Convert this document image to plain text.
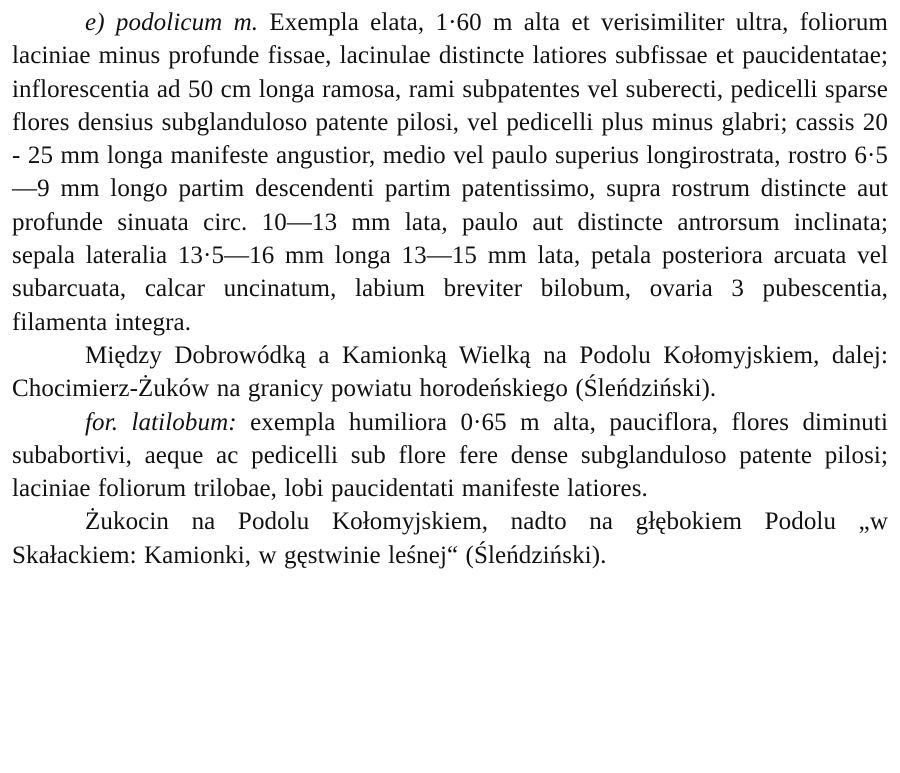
e) podolicum m. Exempla elata, 1·60 m alta et verisimiliter ultra, foliorum laciniae minus profunde fissae, lacinulae distincte latiores subfissae et paucidentatae; inflorescentia ad 50 cm longa ramosa, rami subpatentes vel suberecti, pedicelli sparse flores densius subglanduloso patente pilosi, vel pedicelli plus minus glabri; cassis 20 - 25 mm longa manifeste angustior, medio vel paulo superius longirostrata, rostro 6·5—9 mm longo partim descendenti partim patentissimo, supra rostrum distincte aut profunde sinuata circ. 10—13 mm lata, paulo aut distincte antrorsum inclinata; sepala lateralia 13·5—16 mm longa 13—15 mm lata, petala posteriora arcuata vel subarcuata, calcar uncinatum, labium breviter bilobum, ovaria 3 pubescentia, filamenta integra.

Między Dobrowódką a Kamionką Wielką na Podolu Kołomyjskiem, dalej: Chocimierz-Żuków na granicy powiatu horodeńskiego (Śleńdziński).

for. latilobum: exempla humiliora 0·65 m alta, pauciflora, flores diminuti subabortivi, aeque ac pedicelli sub flore fere dense subglanduloso patente pilosi; laciniae foliorum trilobae, lobi paucidentati manifeste latiores.

Żukocin na Podolu Kołomyjskiem, nadto na głębokiem Podolu „w Skałackiem: Kamionki, w gęstwinie leśnej“ (Śleńdziński).
